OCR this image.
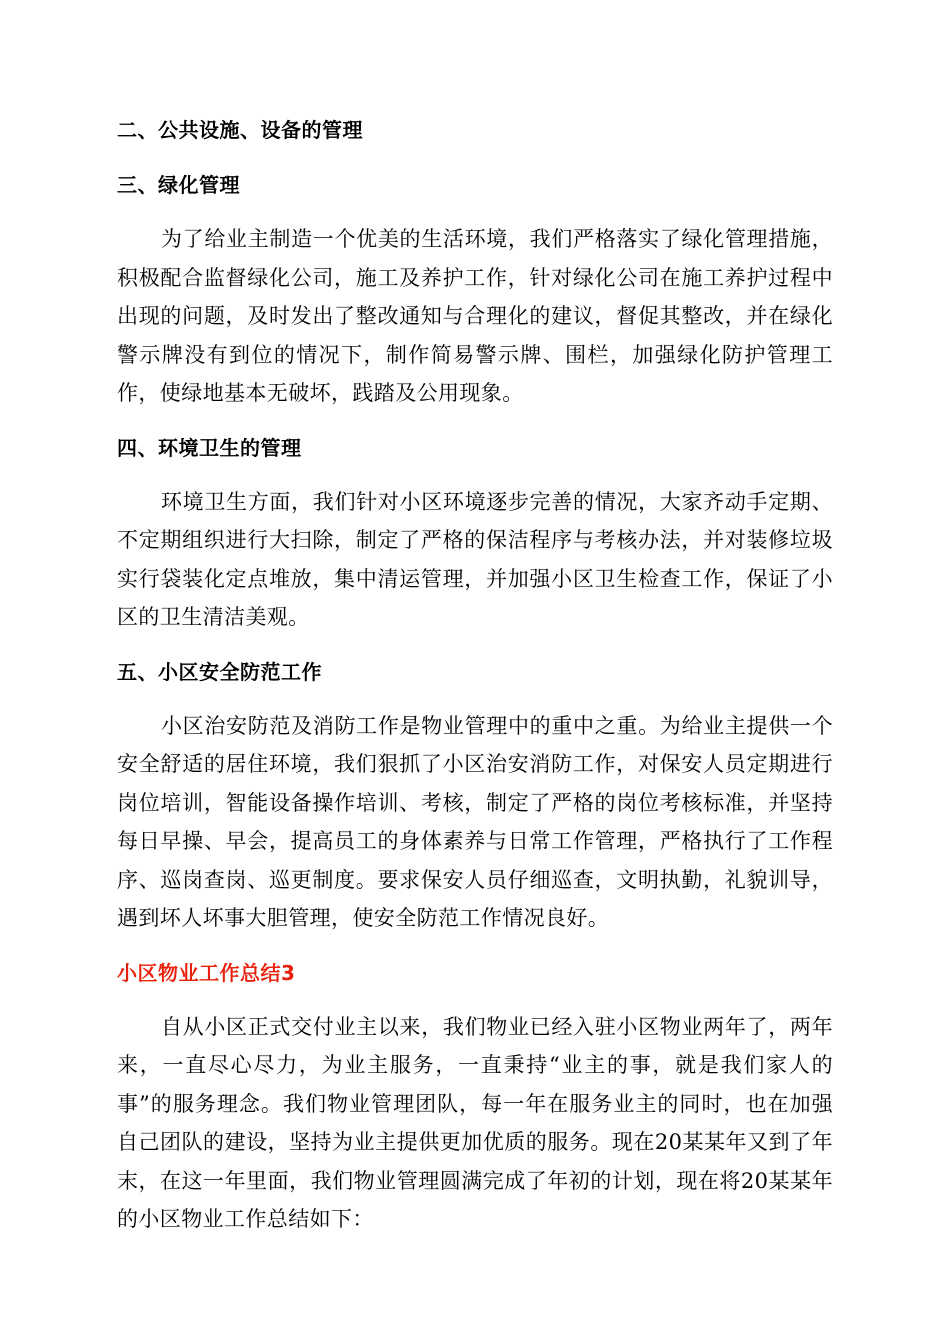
二、公共设施、设备的管理
三、绿化管理

为了给业主制造一个优美的生活环境，我们严格落实了绿化管理措施，积极配合监督绿化公司，施工及养护工作，针对绿化公司在施工养护过程中出现的问题，及时发出了整改通知与合理化的建议，督促其整改，并在绿化警示牌没有到位的情况下，制作简易警示牌、围栏，加强绿化防护管理工作，使绿地基本无破坏，践踏及公用现象。

四、环境卫生的管理

环境卫生方面，我们针对小区环境逐步完善的情况，大家齐动手定期、不定期组织进行大扫除，制定了严格的保洁程序与考核办法，并对装修垃圾实行袋装化定点堆放，集中清运管理，并加强小区卫生检查工作，保证了小区的卫生清洁美观。

五、小区安全防范工作

小区治安防范及消防工作是物业管理中的重中之重。为给业主提供一个安全舒适的居住环境，我们狠抓了小区治安消防工作，对保安人员定期进行岗位培训，智能设备操作培训、考核，制定了严格的岗位考核标准，并坚持每日早操、早会，提高员工的身体素养与日常工作管理，严格执行了工作程序、巡岗查岗、巡更制度。要求保安人员仔细巡查，文明执勤，礼貌训导，遇到坏人坏事大胆管理，使安全防范工作情况良好。

小区物业工作总结3

自从小区正式交付业主以来，我们物业已经入驻小区物业两年了，两年来，一直尽心尽力，为业主服务，一直秉持“业主的事，就是我们家人的事”的服务理念。我们物业管理团队，每一年在服务业主的同时，也在加强自己团队的建设，坚持为业主提供更加优质的服务。现在20某某年又到了年末，在这一年里面，我们物业管理圆满完成了年初的计划，现在将20某某年的小区物业工作总结如下：
